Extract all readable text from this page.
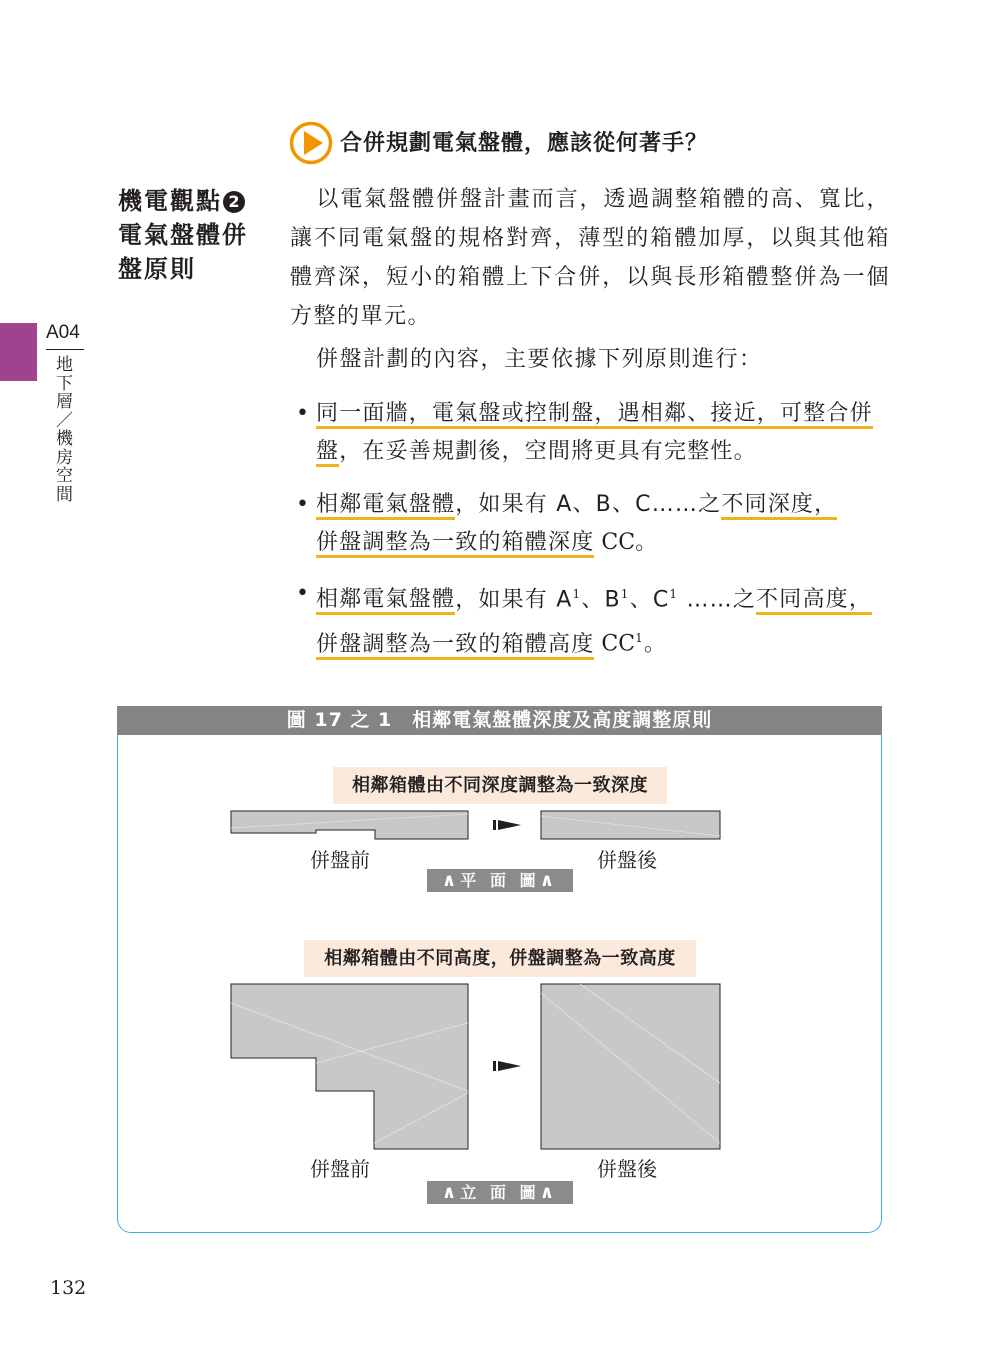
合併規劃電氣盤體，應該從何著手？
機電觀點 2
電氣盤體併
盤原則
A04
地下層／機房空間
以電氣盤體併盤計畫而言，透過調整箱體的高、寬比，讓不同電氣盤的規格對齊，薄型的箱體加厚，以與其他箱體齊深，短小的箱體上下合併，以與長形箱體整併為一個方整的單元。
併盤計劃的內容，主要依據下列原則進行：
• 同一面牆，電氣盤或控制盤，遇相鄰、接近，可整合併盤，在妥善規劃後，空間將更具有完整性。
• 相鄰電氣盤體，如果有 A、B、C……之不同深度，
併盤調整為一致的箱體深度 CC。
• 相鄰電氣盤體，如果有 $A^1$、$B^1$、$C^1$ ……之不同高度，
併盤調整為一致的箱體高度 $CC^1$。
圖 17 之 1　相鄰電氣盤體深度及高度調整原則
相鄰箱體由不同深度調整為一致深度
併盤前	併盤後
∧平 面 圖∧
相鄰箱體由不同高度，併盤調整為一致高度
併盤前	併盤後
∧立 面 圖∧
132
